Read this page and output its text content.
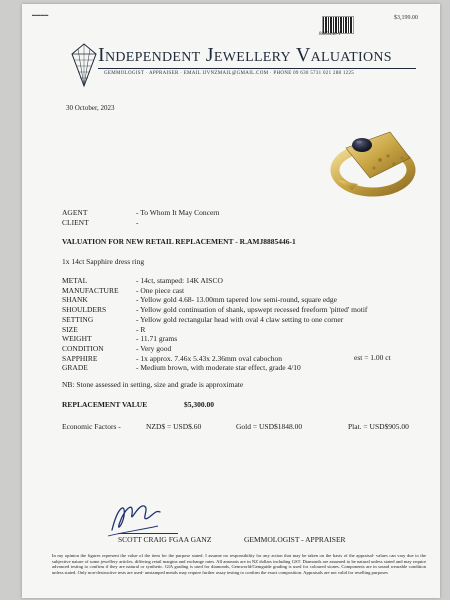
▬▬▬▬
8885446-1
$3,199.00
Independent Jewellery Valuations
GEMMOLOGIST · APPRAISER · EMAIL IJVNZMAIL@GMAIL.COM · PHONE 09 630 5731 021 288 1225
30 October, 2023
AGENT	- To Whom It May Concern
CLIENT	-
VALUATION FOR NEW RETAIL REPLACEMENT - R.AMJ8885446-1
1x 14ct Sapphire dress ring
METAL	- 14ct, stamped: 14K AISCO
MANUFACTURE - One piece cast
SHANK	- Yellow gold 4.68- 13.00mm tapered low semi-round, square edge
SHOULDERS	- Yellow gold continuation of shank, upswept recessed freeform 'pitted' motif
SETTING	- Yellow gold rectangular head with oval 4 claw setting to one corner
SIZE	- R
WEIGHT	- 11.71 grams
CONDITION	- Very good
SAPPHIRE	- 1x approx. 7.46x 5.43x 2.36mm oval cabochon
GRADE	- Medium brown, with moderate star effect, grade 4/10
est = 1.00 ct
NB: Stone assessed in setting, size and grade is approximate
REPLACEMENT VALUE	$5,300.00
Economic Factors -	NZD$ = USD$.60	Gold = USD$1848.00	Plat. = USD$905.00
SCOTT CRAIG FGAA GANZ	GEMMOLOGIST - APPRAISER
In my opinion the figures represent the value of the item for the purpose stated. I assume no responsibility for any action that may be taken on the basis of the appraisal- values can vary due to the subjective nature of some jewellery articles, differing retail margins and exchange rates. All amounts are in NZ dollars including GST. Diamonds are assumed to be natural unless stated and may require advanced testing to confirm if they are natural or synthetic. GIA grading is used for diamonds, Gemworld/Gemguide grading is used for coloured stones. Components are in sound wearable condition unless stated. Only non-destructive tests are used- unstamped metals may require further assay testing to confirm the exact composition. Appraisals are not valid for reselling purposes
